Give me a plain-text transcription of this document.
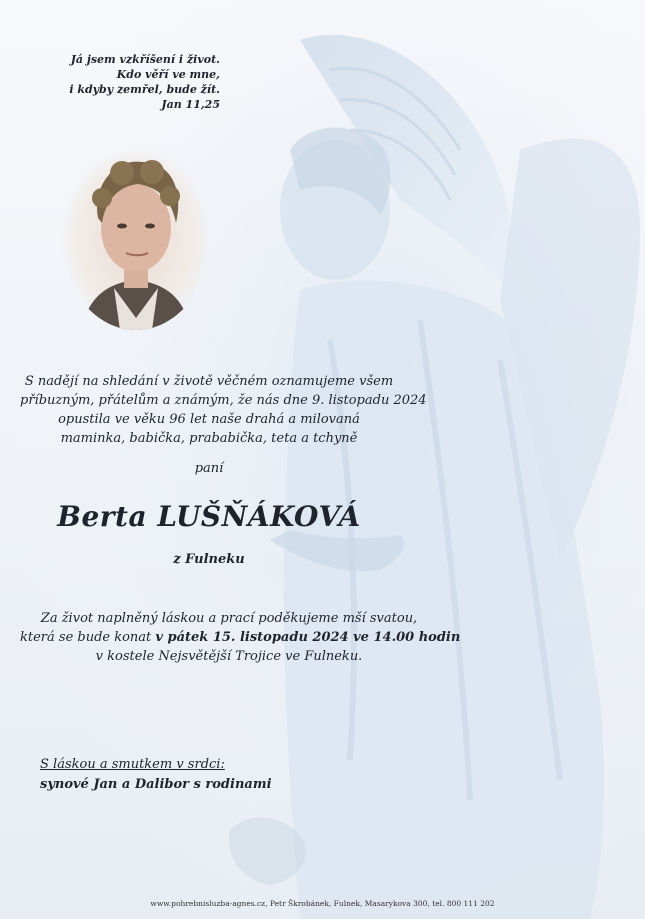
Já jsem vzkříšení i život.
Kdo věří ve mne,
i kdyby zemřel, bude žít.
Jan 11,25
S nadějí na shledání v životě věčném oznamujeme všem
příbuzným, přátelům a známým, že nás dne 9. listopadu 2024
opustila ve věku 96 let naše drahá a milovaná
maminka, babička, prababička, teta a tchyně
paní
Berta LUŠŇÁKOVÁ
z Fulneku
Za život naplněný láskou a prací poděkujeme mší svatou,
která se bude konat v pátek 15. listopadu 2024 ve 14.00 hodin
v kostele Nejsvětější Trojice ve Fulneku.
S láskou a smutkem v srdci:
synové Jan a Dalibor s rodinami
www.pohrebnisluzba-agnes.cz, Petr Škrobánek, Fulnek, Masarykova 300, tel. 800 111 202
